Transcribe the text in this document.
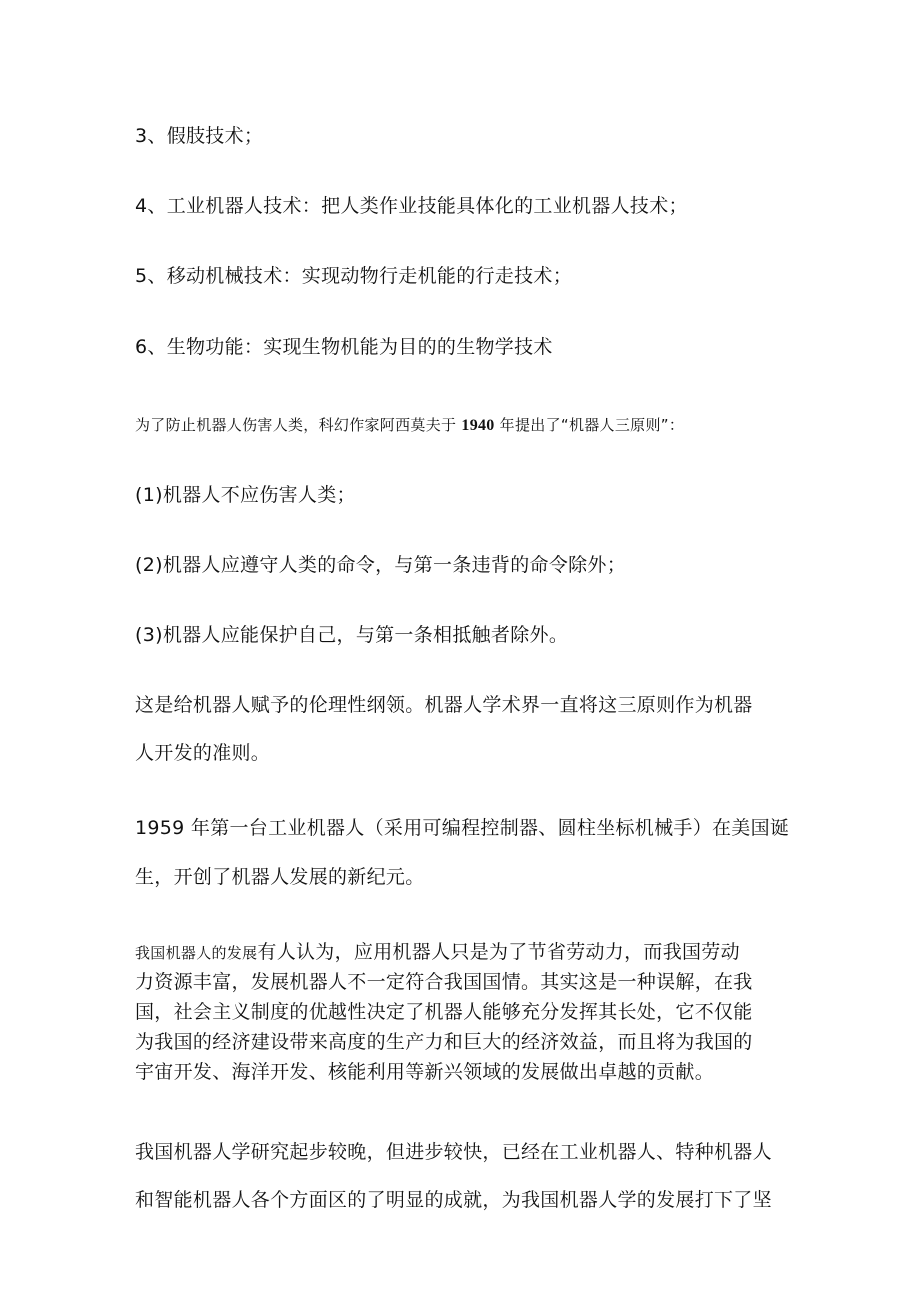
3、假肢技术；
4、工业机器人技术：把人类作业技能具体化的工业机器人技术；
5、移动机械技术：实现动物行走机能的行走技术；
6、生物功能：实现生物机能为目的的生物学技术
为了防止机器人伤害人类，科幻作家阿西莫夫于 1940 年提出了“机器人三原则”：
(1)机器人不应伤害人类；
(2)机器人应遵守人类的命令，与第一条违背的命令除外；
(3)机器人应能保护自己，与第一条相抵触者除外。
这是给机器人赋予的伦理性纲领。机器人学术界一直将这三原则作为机器
人开发的准则。
1959 年第一台工业机器人（采用可编程控制器、圆柱坐标机械手）在美国诞
生，开创了机器人发展的新纪元。
我国机器人的发展有人认为，应用机器人只是为了节省劳动力，而我国劳动
力资源丰富，发展机器人不一定符合我国国情。其实这是一种误解，在我
国，社会主义制度的优越性决定了机器人能够充分发挥其长处，它不仅能
为我国的经济建设带来高度的生产力和巨大的经济效益，而且将为我国的
宇宙开发、海洋开发、核能利用等新兴领域的发展做出卓越的贡献。
我国机器人学研究起步较晚，但进步较快，已经在工业机器人、特种机器人
和智能机器人各个方面区的了明显的成就，为我国机器人学的发展打下了坚
